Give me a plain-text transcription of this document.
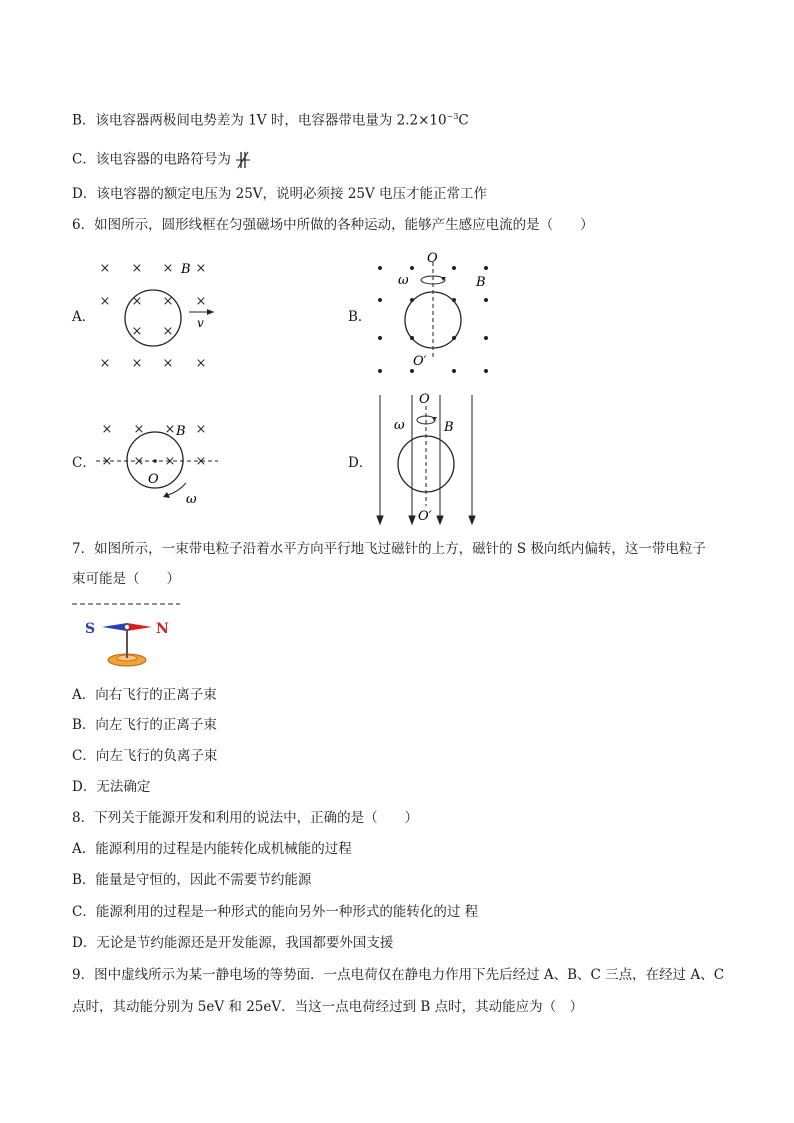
B．该电容器两极间电势差为 1V 时，电容器带电量为 $2.2\times 10^{-3}C$
C．该电容器的电路符号为
D．该电容器的额定电压为 25V，说明必须接 25V 电压才能正常工作
6．如图所示，圆形线框在匀强磁场中所做的各种运动，能够产生感应电流的是（　　）
A．	B．
C．	D．
× × × ×
× × × ×
× ×
× × × ×
B
v
O
O′
ω	B
× × × ×
× × × ×
B
O
ω
O
O′
ω	B
7．如图所示，一束带电粒子沿着水平方向平行地飞过磁针的上方，磁针的 S 极向纸内偏转，这一带电粒子
束可能是（　　）
S	N
A．向右飞行的正离子束
B．向左飞行的正离子束
C．向左飞行的负离子束
D．无法确定
8．下列关于能源开发和利用的说法中，正确的是（　　）
A．能源利用的过程是内能转化成机械能的过程
B．能量是守恒的，因此不需要节约能源
C．能源利用的过程是一种形式的能向另外一种形式的能转化的过 程
D．无论是节约能源还是开发能源，我国都要外国支援
9．图中虚线所示为某一静电场的等势面．一点电荷仅在静电力作用下先后经过 A、B、C 三点，在经过 A、C
点时，其动能分别为 5eV 和 25eV．当这一点电荷经过到 B 点时，其动能应为（　）
